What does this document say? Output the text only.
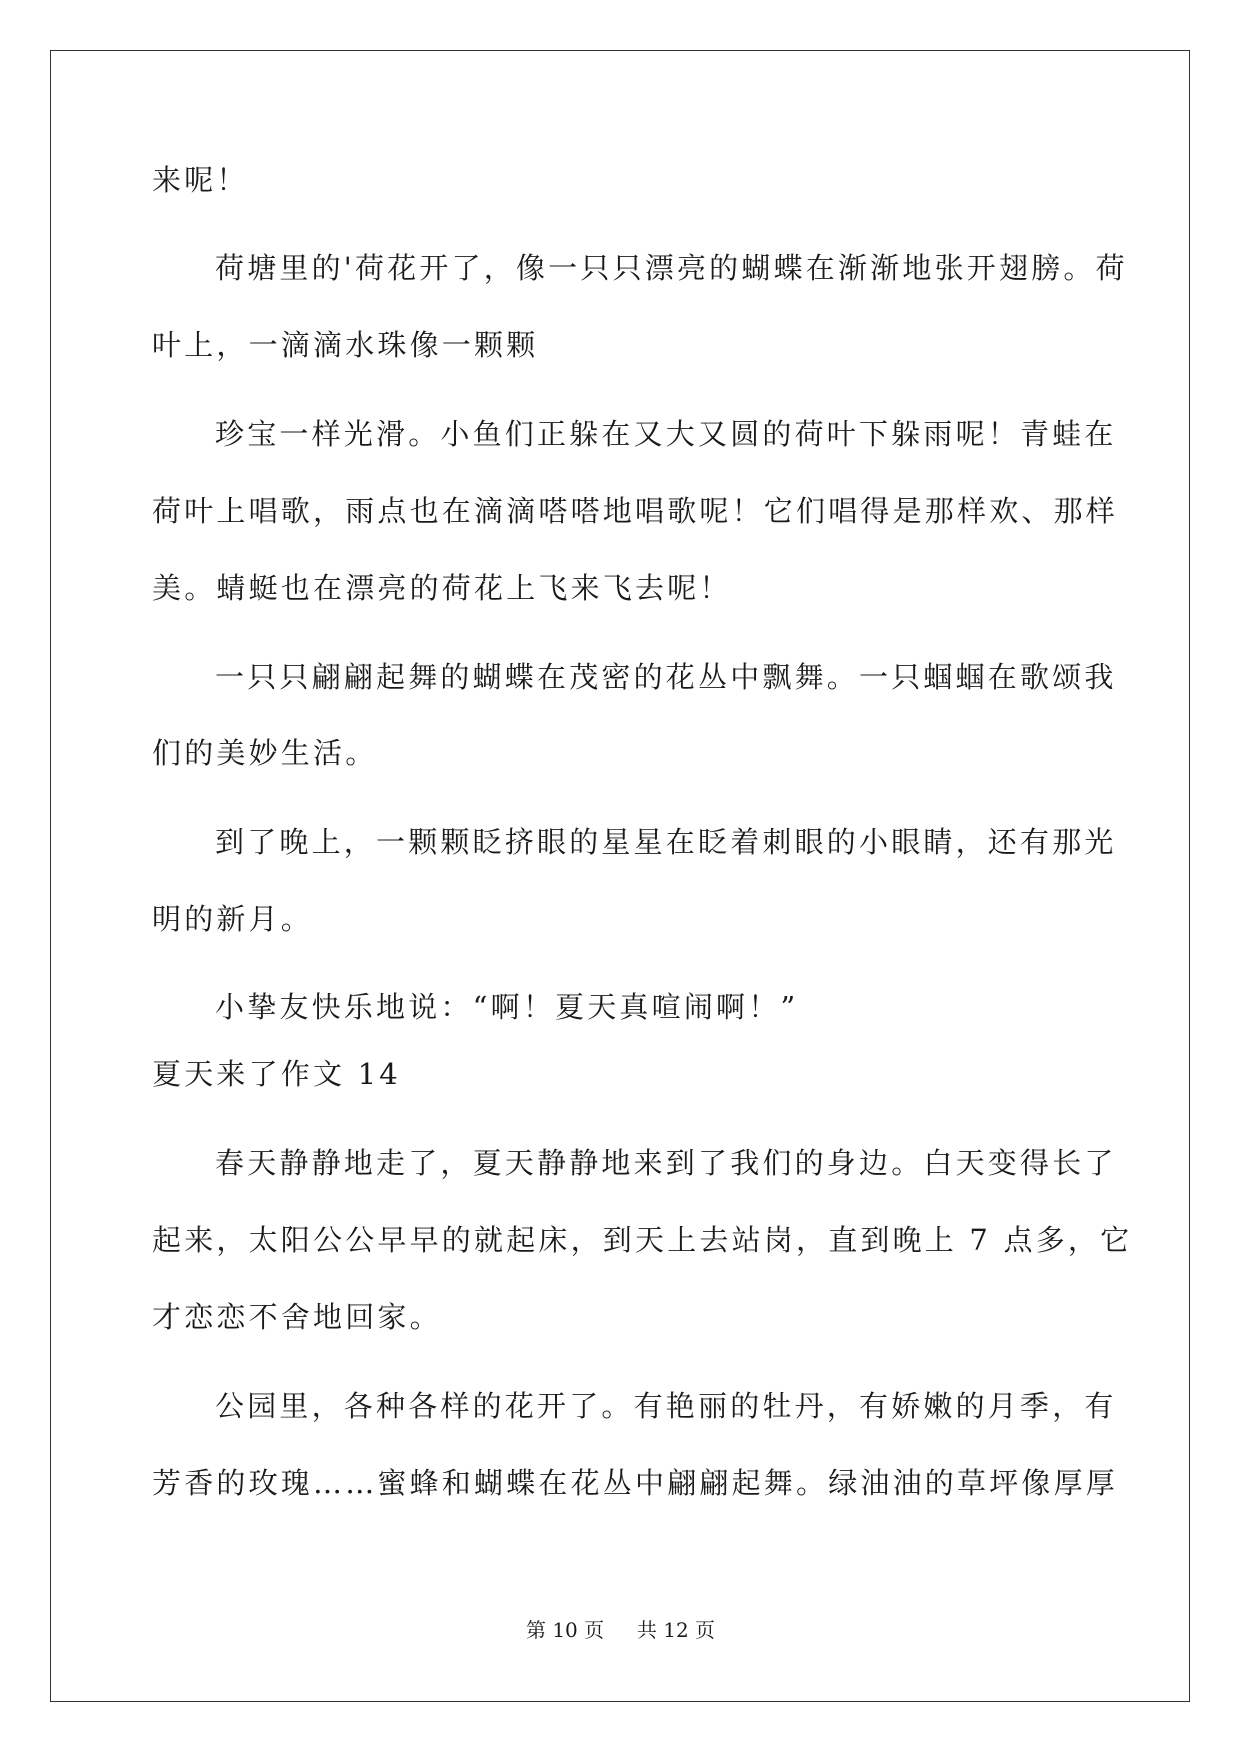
来呢！
荷塘里的'荷花开了，像一只只漂亮的蝴蝶在渐渐地张开翅膀。荷
叶上，一滴滴水珠像一颗颗
珍宝一样光滑。小鱼们正躲在又大又圆的荷叶下躲雨呢！青蛙在
荷叶上唱歌，雨点也在滴滴嗒嗒地唱歌呢！它们唱得是那样欢、那样
美。蜻蜓也在漂亮的荷花上飞来飞去呢！
一只只翩翩起舞的蝴蝶在茂密的花丛中飘舞。一只蝈蝈在歌颂我
们的美妙生活。
到了晚上，一颗颗眨挤眼的星星在眨着刺眼的小眼睛，还有那光
明的新月。
小挚友快乐地说：“啊！夏天真喧闹啊！”
夏天来了作文 14
春天静静地走了，夏天静静地来到了我们的身边。白天变得长了
起来，太阳公公早早的就起床，到天上去站岗，直到晚上 7 点多，它
才恋恋不舍地回家。
公园里，各种各样的花开了。有艳丽的牡丹，有娇嫩的月季，有
芳香的玫瑰……蜜蜂和蝴蝶在花丛中翩翩起舞。绿油油的草坪像厚厚
第 10 页 共 12 页
